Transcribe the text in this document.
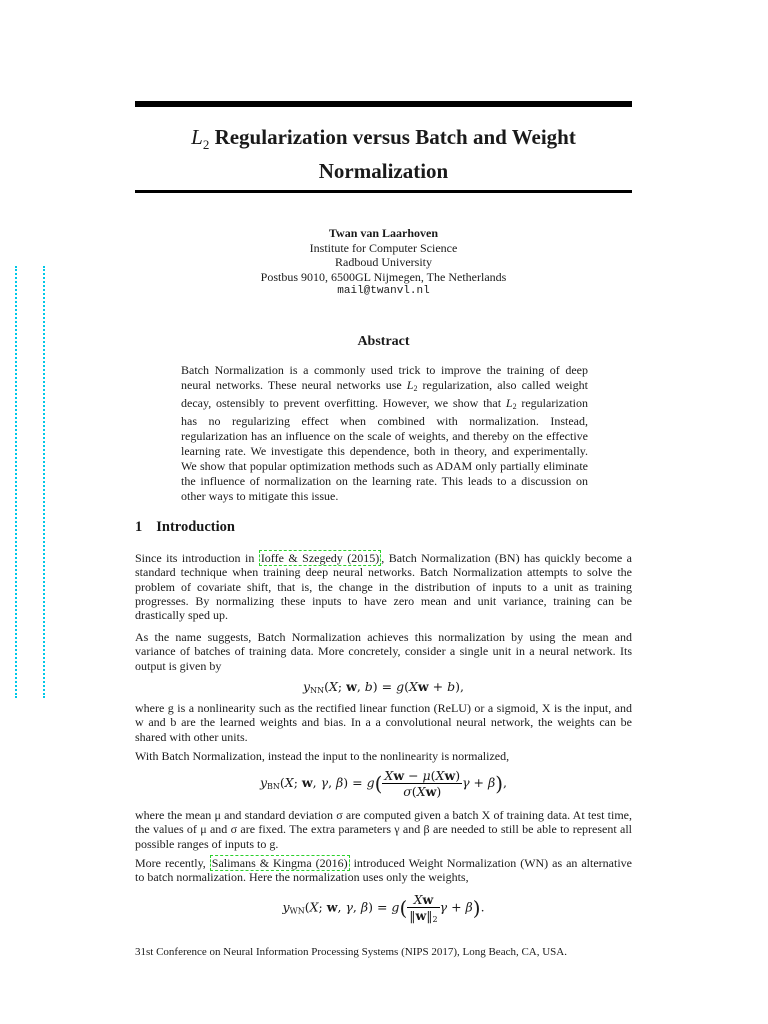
$L_2$ Regularization versus Batch and Weight
Normalization
Twan van Laarhoven
Institute for Computer Science
Radboud University
Postbus 9010, 6500GL Nijmegen, The Netherlands
mail@twanvl.nl
Abstract

Batch Normalization is a commonly used trick to improve the training of deep neural networks. These neural networks use $L_2$ regularization, also called weight decay, ostensibly to prevent overfitting. However, we show that $L_2$ regularization has no regularizing effect when combined with normalization. Instead, regularization has an influence on the scale of weights, and thereby on the effective learning rate. We investigate this dependence, both in theory, and experimentally. We show that popular optimization methods such as ADAM only partially eliminate the influence of normalization on the learning rate. This leads to a discussion on other ways to mitigate this issue.

1 Introduction

Since its introduction in Ioffe & Szegedy (2015) , Batch Normalization (BN) has quickly become a standard technique when training deep neural networks. Batch Normalization attempts to solve the problem of covariate shift, that is, the change in the distribution of inputs to a unit as training progresses. By normalizing these inputs to have zero mean and unit variance, training can be drastically sped up.

As the name suggests, Batch Normalization achieves this normalization by using the mean and variance of batches of training data. More concretely, consider a single unit in a neural network. Its output is given by

$y_{NN}(X$; w, b) = g(Xw + b),

where g is a nonlinearity such as the rectified linear function (ReLU) or a sigmoid, X is the input, and w and b are the learned weights and bias. In a a convolutional neural network, the weights can be shared with other units.

With Batch Normalization, instead the input to the nonlinearity is normalized,

$y_{BN}(X$; w, γ, $\beta) = g( \frac{Xw - \mu(Xw)}{\sigma(Xw)}$ γ + β),

where the mean μ and standard deviation σ are computed given a batch X of training data. At test time, the values of μ and σ are fixed. The extra parameters γ and β are needed to still be able to represent all possible ranges of inputs to g.

More recently, Salimans & Kingma (2016) introduced Weight Normalization (WN) as an alternative to batch normalization. Here the normalization uses only the weights,

$y_{WN}(X$; w, γ, $\beta) = g( \frac{Xw}{‖w‖_2}$ γ + β).
31st Conference on Neural Information Processing Systems (NIPS 2017), Long Beach, CA, USA.
